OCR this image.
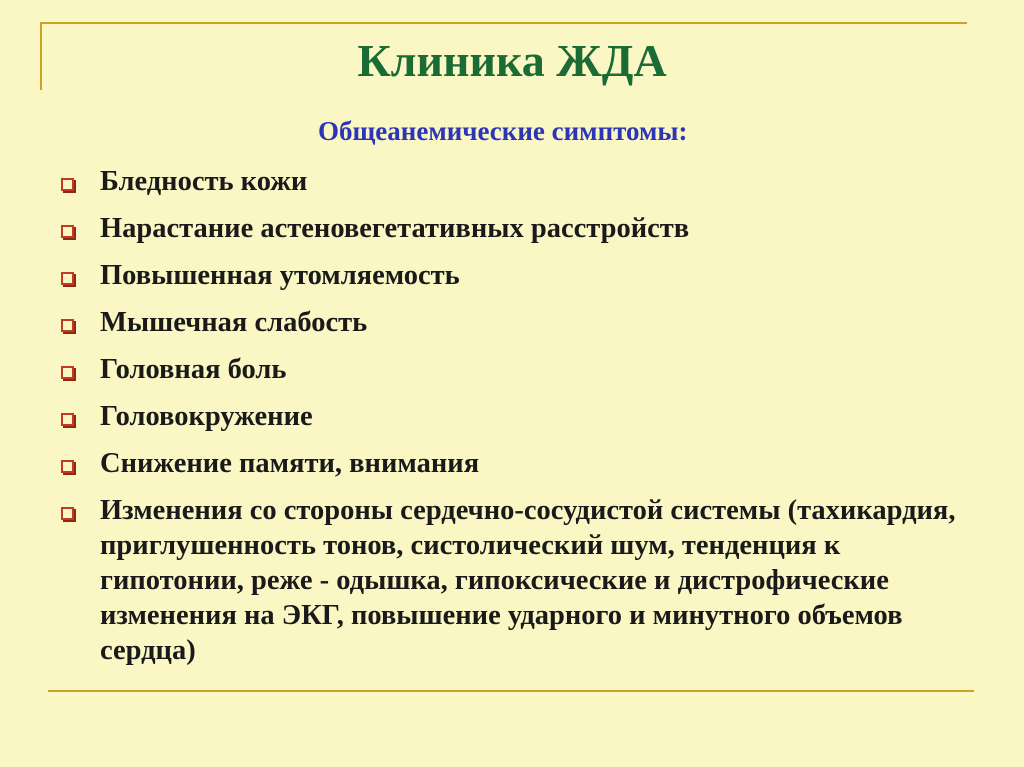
Клиника ЖДА
Общеанемические симптомы:
Бледность кожи
Нарастание астеновегетативных расстройств
Повышенная утомляемость
Мышечная слабость
Головная боль
Головокружение
Снижение памяти, внимания
Изменения со стороны сердечно-сосудистой системы (тахикардия, приглушенность тонов, систолический шум, тенденция к гипотонии, реже - одышка, гипоксические и дистрофические изменения на ЭКГ, повышение ударного и минутного объемов сердца)
